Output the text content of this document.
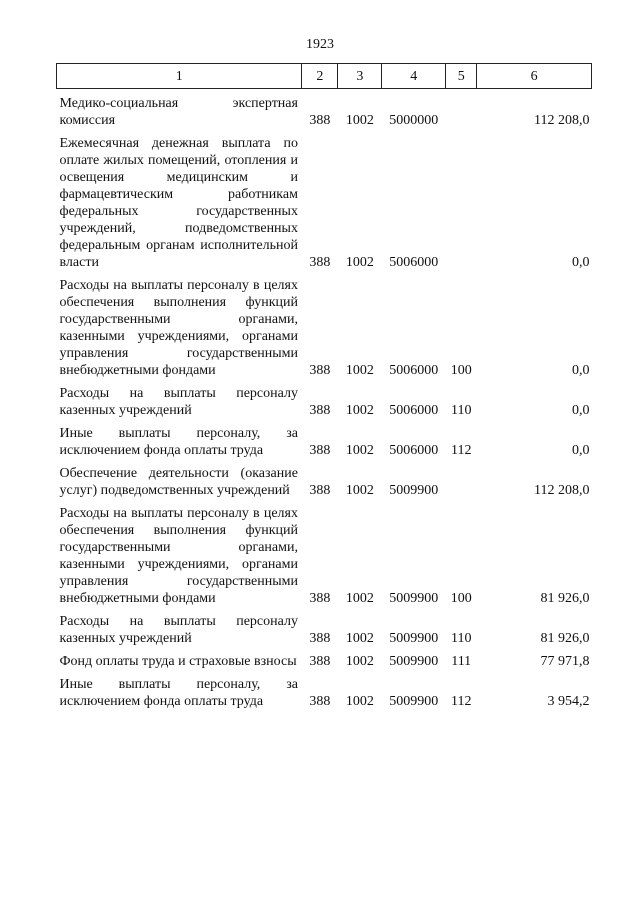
1923
1	2	3	4	5	6
Медико-социальная экспертная комиссия	388	1002	5000000		112 208,0
Ежемесячная денежная выплата по оплате жилых помещений, отопления и освещения медицинским и фармацевтическим работникам федеральных государственных учреждений, подведомственных федеральным органам исполнительной власти	388	1002	5006000		0,0
Расходы на выплаты персоналу в целях обеспечения выполнения функций государственными органами, казенными учреждениями, органами управления государственными внебюджетными фондами	388	1002	5006000	100	0,0
Расходы на выплаты персоналу казенных учреждений	388	1002	5006000	110	0,0
Иные выплаты персоналу, за исключением фонда оплаты труда	388	1002	5006000	112	0,0
Обеспечение деятельности (оказание услуг) подведомственных учреждений	388	1002	5009900		112 208,0
Расходы на выплаты персоналу в целях обеспечения выполнения функций государственными органами, казенными учреждениями, органами управления государственными внебюджетными фондами	388	1002	5009900	100	81 926,0
Расходы на выплаты персоналу казенных учреждений	388	1002	5009900	110	81 926,0
Фонд оплаты труда и страховые взносы	388	1002	5009900	111	77 971,8
Иные выплаты персоналу, за исключением фонда оплаты труда	388	1002	5009900	112	3 954,2
